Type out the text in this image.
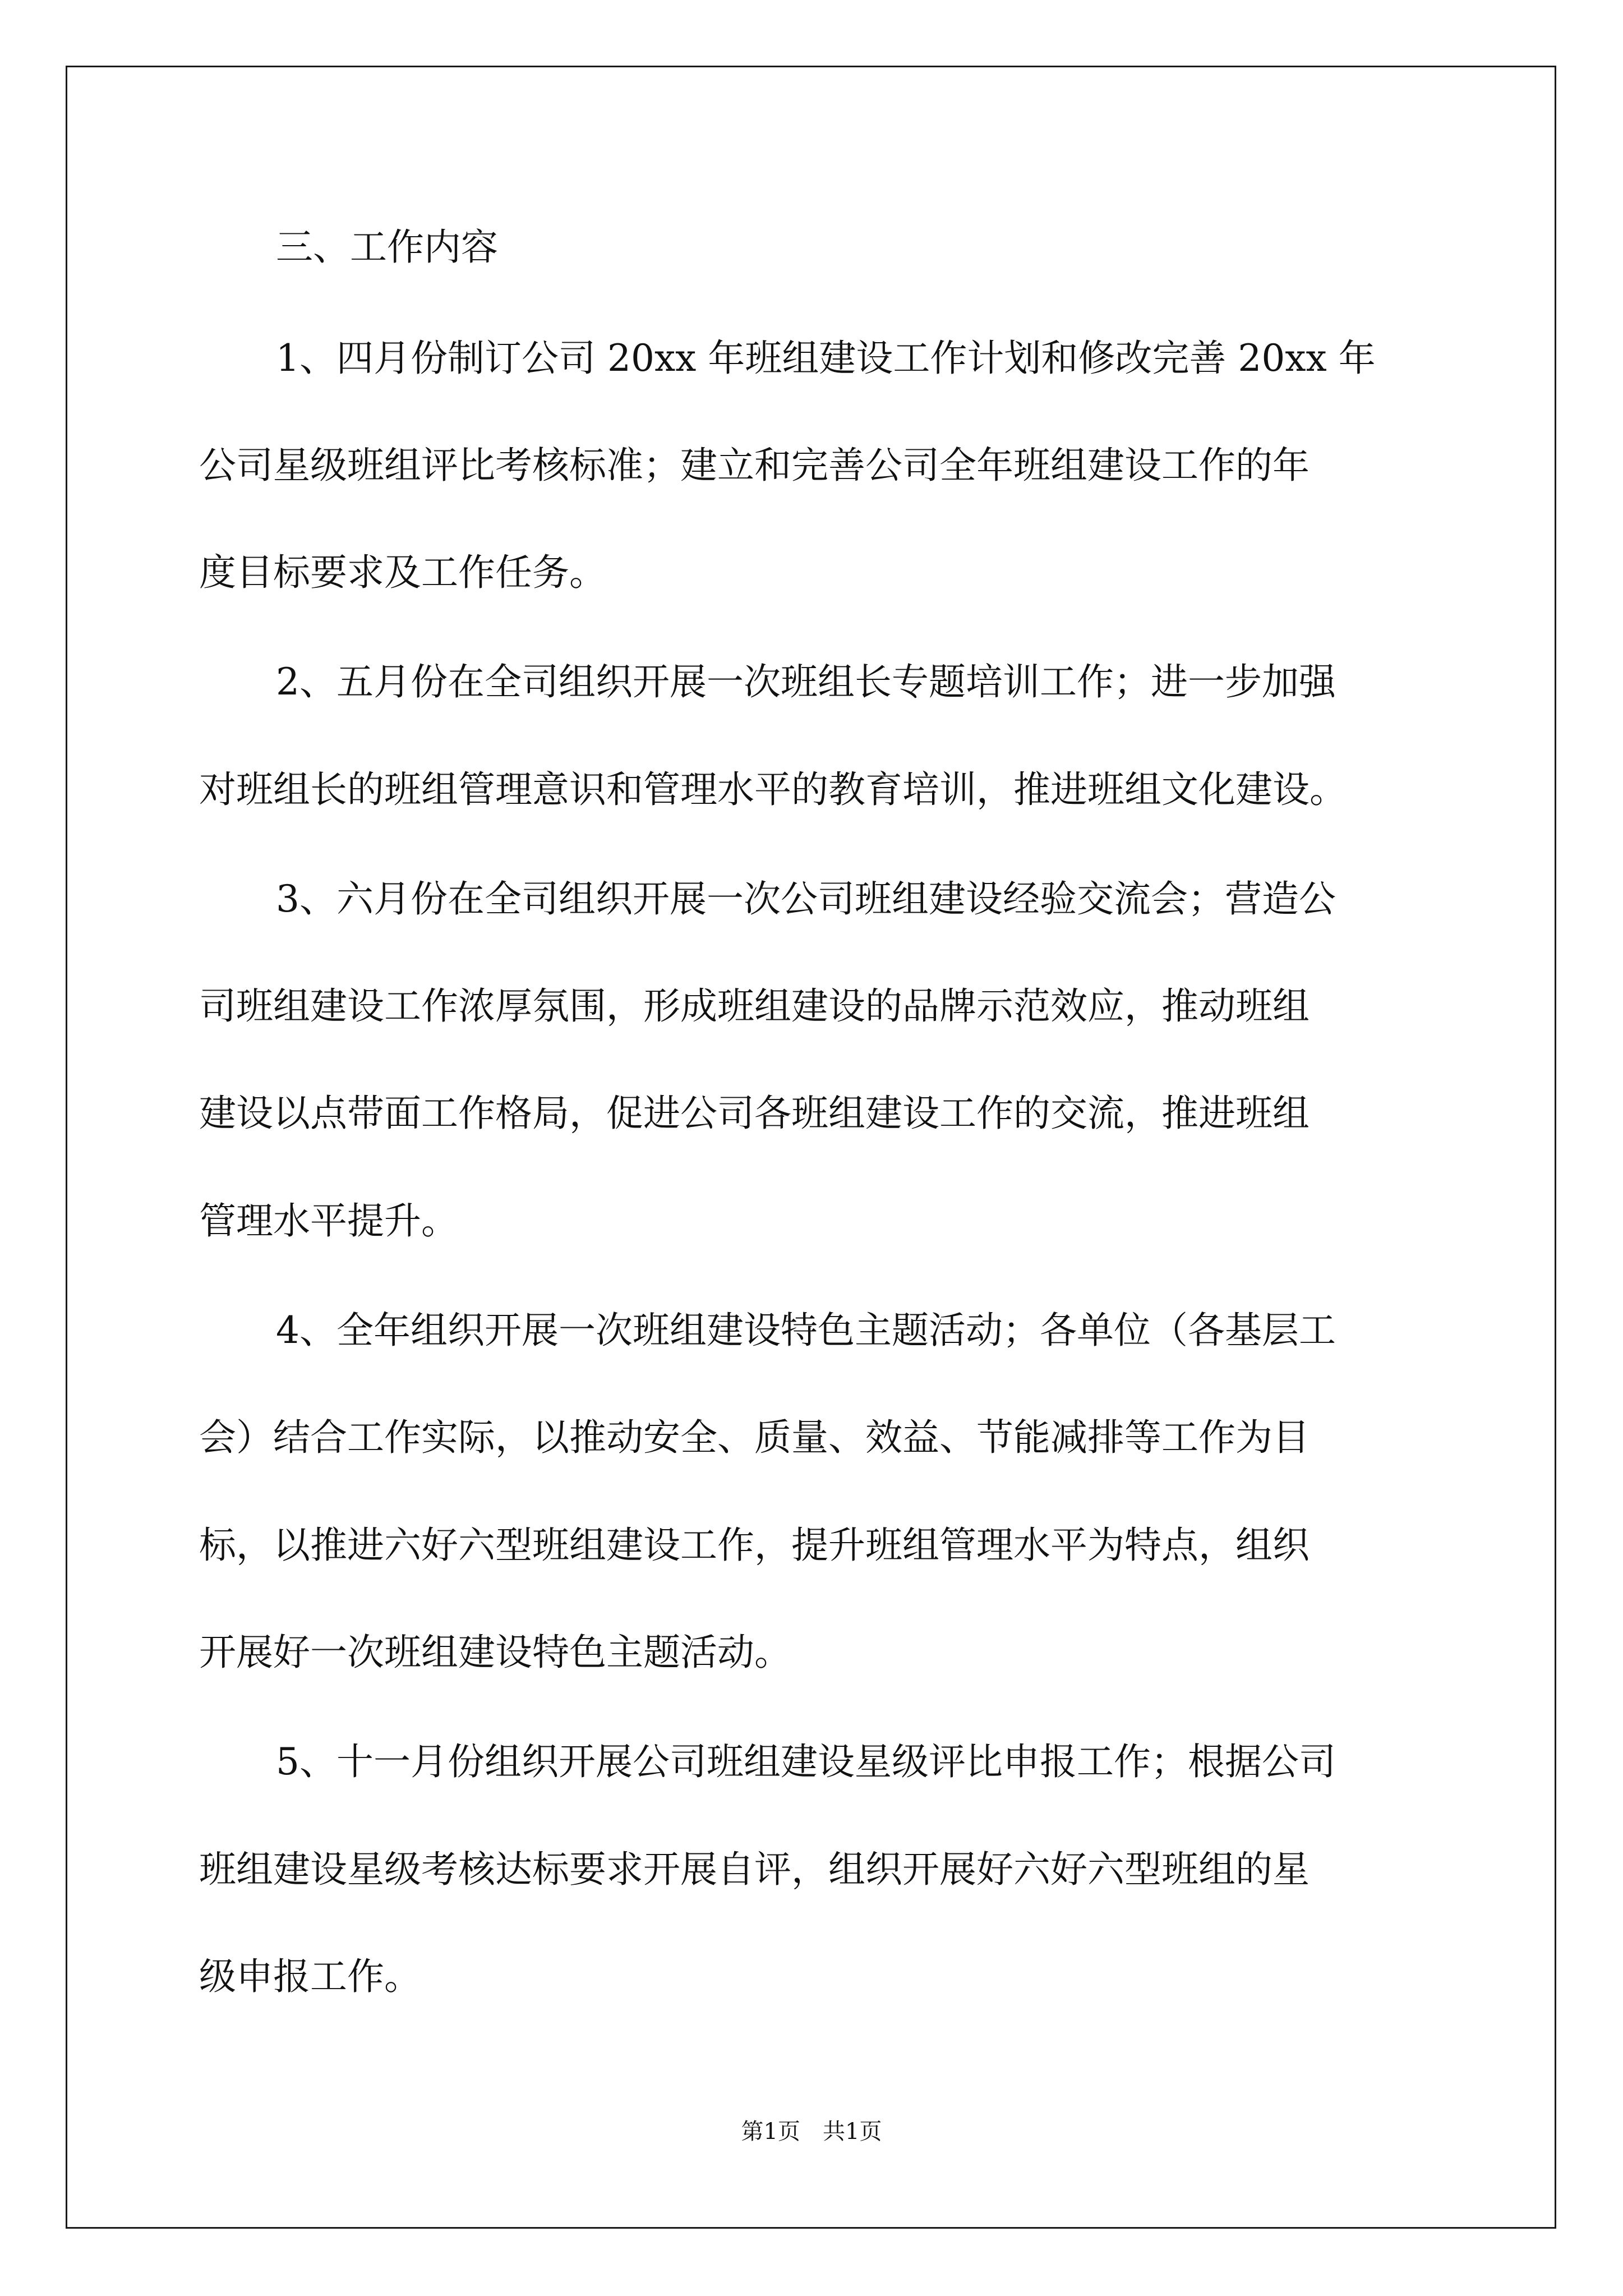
三、工作内容

1、四月份制订公司 20xx 年班组建设工作计划和修改完善 20xx 年

公司星级班组评比考核标准；建立和完善公司全年班组建设工作的年

度目标要求及工作任务。

2、五月份在全司组织开展一次班组长专题培训工作；进一步加强

对班组长的班组管理意识和管理水平的教育培训，推进班组文化建设。

3、六月份在全司组织开展一次公司班组建设经验交流会；营造公

司班组建设工作浓厚氛围，形成班组建设的品牌示范效应，推动班组

建设以点带面工作格局，促进公司各班组建设工作的交流，推进班组

管理水平提升。

4、全年组织开展一次班组建设特色主题活动；各单位（各基层工

会）结合工作实际，以推动安全、质量、效益、节能减排等工作为目

标，以推进六好六型班组建设工作，提升班组管理水平为特点，组织

开展好一次班组建设特色主题活动。

5、十一月份组织开展公司班组建设星级评比申报工作；根据公司

班组建设星级考核达标要求开展自评，组织开展好六好六型班组的星

级申报工作。

第1页　共1页
